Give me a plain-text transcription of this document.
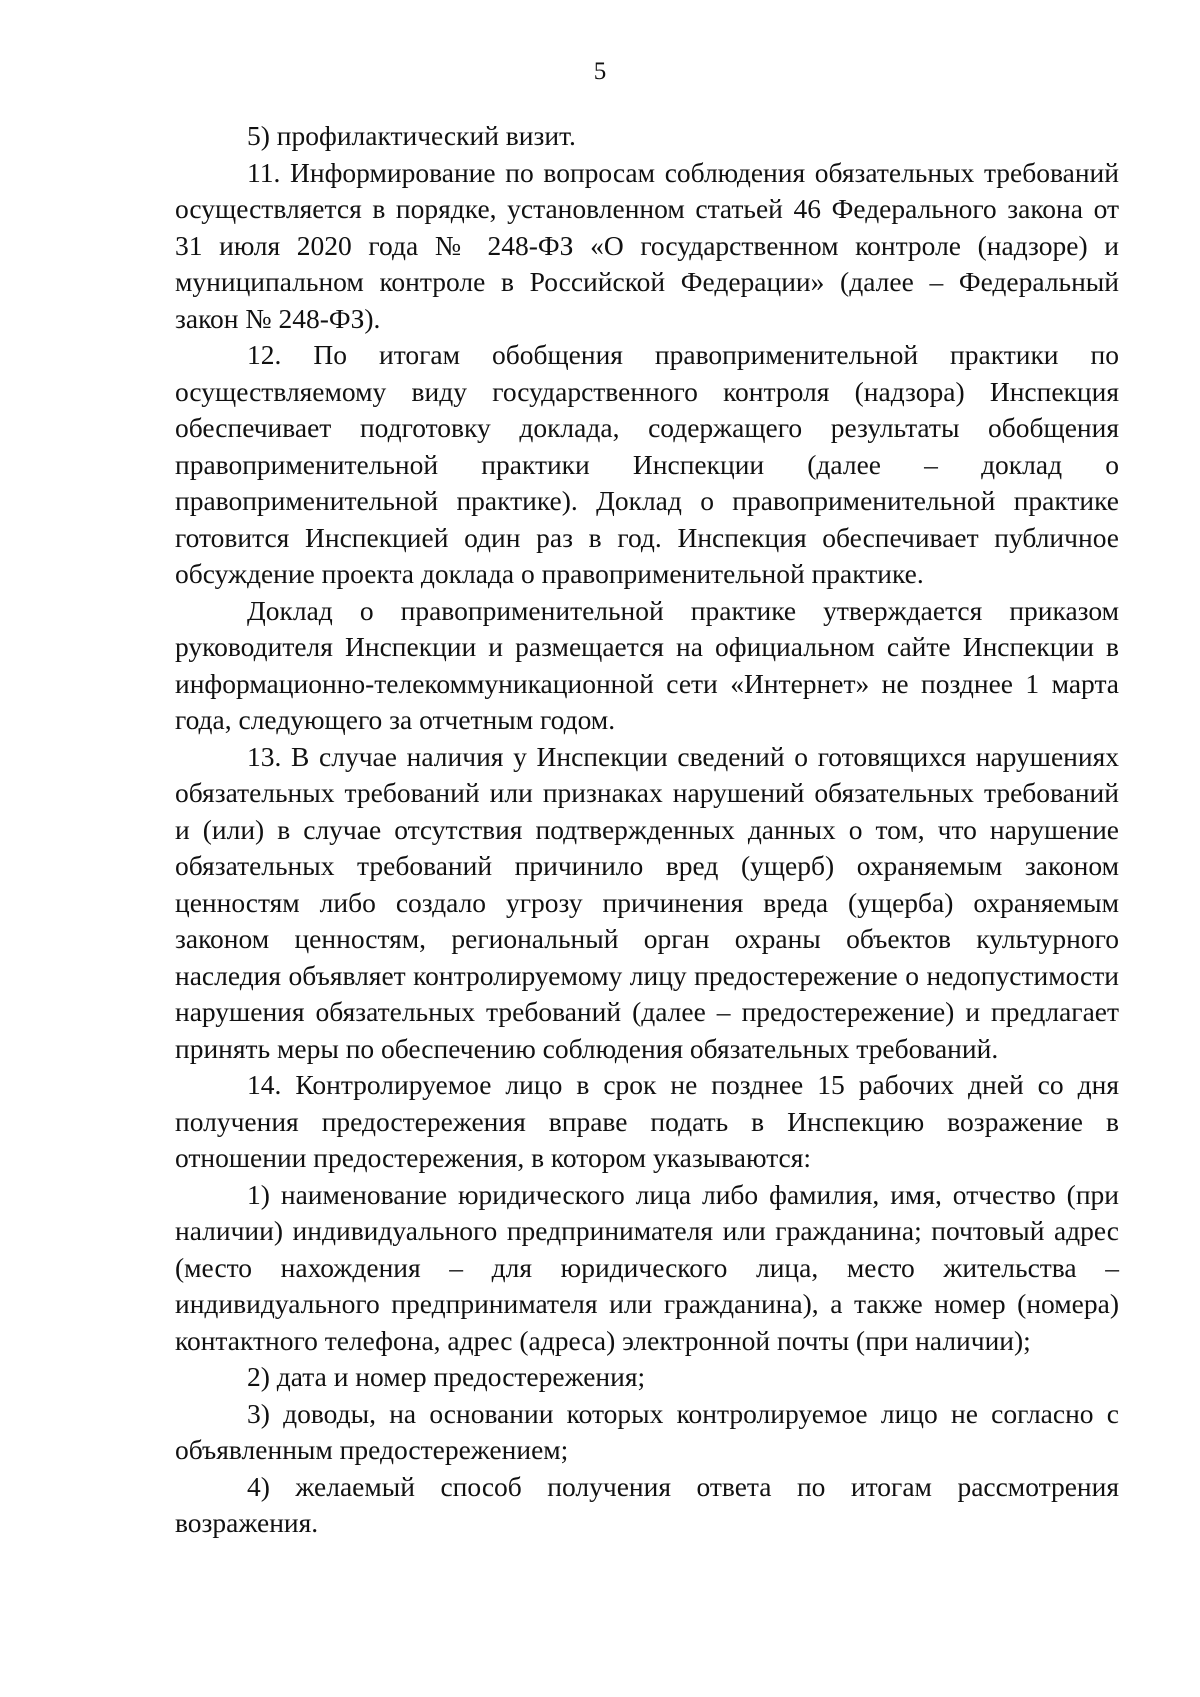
5

5) профилактический визит.

11. Информирование по вопросам соблюдения обязательных требований осуществляется в порядке, установленном статьей 46 Федерального закона от 31 июля 2020 года № 248-ФЗ «О государственном контроле (надзоре) и муниципальном контроле в Российской Федерации» (далее – Федеральный закон № 248-ФЗ).

12. По итогам обобщения правоприменительной практики по осуществляемому виду государственного контроля (надзора) Инспекция обеспечивает подготовку доклада, содержащего результаты обобщения правоприменительной практики Инспекции (далее – доклад о правоприменительной практике). Доклад о правоприменительной практике готовится Инспекцией один раз в год. Инспекция обеспечивает публичное обсуждение проекта доклада о правоприменительной практике.

Доклад о правоприменительной практике утверждается приказом руководителя Инспекции и размещается на официальном сайте Инспекции в информационно-телекоммуникационной сети «Интернет» не позднее 1 марта года, следующего за отчетным годом.

13. В случае наличия у Инспекции сведений о готовящихся нарушениях обязательных требований или признаках нарушений обязательных требований и (или) в случае отсутствия подтвержденных данных о том, что нарушение обязательных требований причинило вред (ущерб) охраняемым законом ценностям либо создало угрозу причинения вреда (ущерба) охраняемым законом ценностям, региональный орган охраны объектов культурного наследия объявляет контролируемому лицу предостережение о недопустимости нарушения обязательных требований (далее – предостережение) и предлагает принять меры по обеспечению соблюдения обязательных требований.

14. Контролируемое лицо в срок не позднее 15 рабочих дней со дня получения предостережения вправе подать в Инспекцию возражение в отношении предостережения, в котором указываются:

1) наименование юридического лица либо фамилия, имя, отчество (при наличии) индивидуального предпринимателя или гражданина; почтовый адрес (место нахождения – для юридического лица, место жительства – индивидуального предпринимателя или гражданина), а также номер (номера) контактного телефона, адрес (адреса) электронной почты (при наличии);

2) дата и номер предостережения;

3) доводы, на основании которых контролируемое лицо не согласно с объявленным предостережением;

4) желаемый способ получения ответа по итогам рассмотрения возражения.
